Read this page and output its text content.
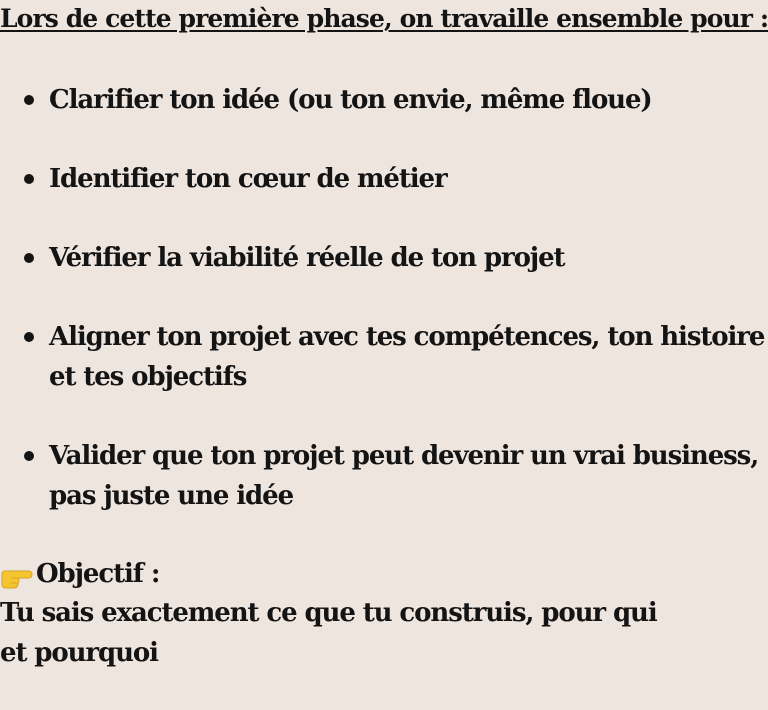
Lors de cette première phase, on travaille ensemble pour :
Clarifier ton idée (ou ton envie, même floue)
Identifier ton cœur de métier
Vérifier la viabilité réelle de ton projet
Aligner ton projet avec tes compétences, ton histoire et tes objectifs
Valider que ton projet peut devenir un vrai business, pas juste une idée
Objectif :
Tu sais exactement ce que tu construis, pour qui et pourquoi
